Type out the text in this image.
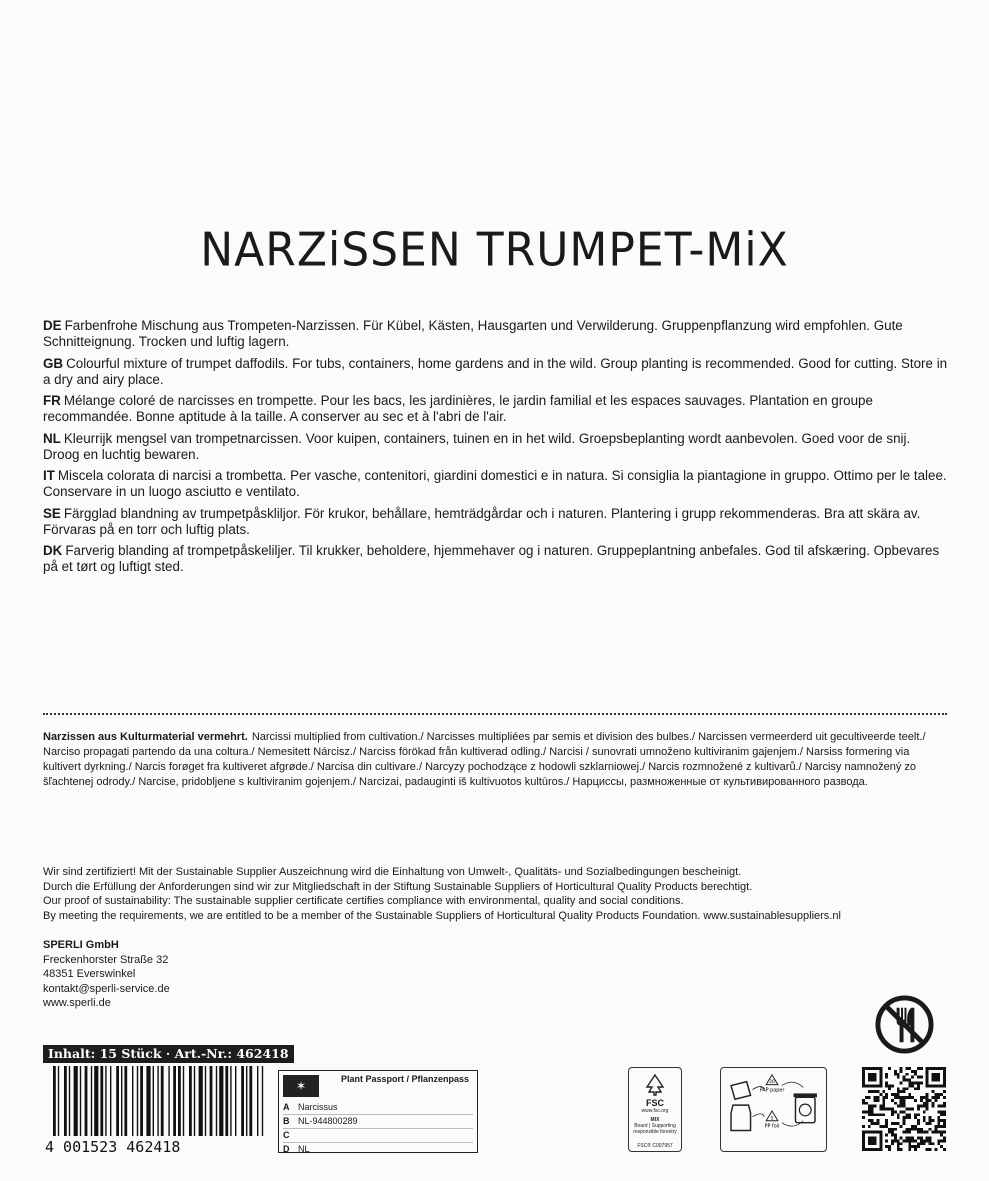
NARZiSSEN TRUMPET-MiX

DE Farbenfrohe Mischung aus Trompeten-Narzissen. Für Kübel, Kästen, Hausgarten und Verwilderung. Gruppenpflanzung wird empfohlen. Gute Schnitteignung. Trocken und luftig lagern.

GB Colourful mixture of trumpet daffodils. For tubs, containers, home gardens and in the wild. Group planting is recommended. Good for cutting. Store in a dry and airy place.

FR Mélange coloré de narcisses en trompette. Pour les bacs, les jardinières, le jardin familial et les espaces sauvages. Plantation en groupe recommandée. Bonne aptitude à la taille. A conserver au sec et à l'abri de l'air.

NL Kleurrijk mengsel van trompetnarcissen. Voor kuipen, containers, tuinen en in het wild. Groepsbeplanting wordt aanbevolen. Goed voor de snij. Droog en luchtig bewaren.

IT Miscela colorata di narcisi a trombetta. Per vasche, contenitori, giardini domestici e in natura. Si consiglia la piantagione in gruppo. Ottimo per le talee. Conservare in un luogo asciutto e ventilato.

SE Färgglad blandning av trumpetpåskliljor. För krukor, behållare, hemträdgårdar och i naturen. Plantering i grupp rekommenderas. Bra att skära av. Förvaras på en torr och luftig plats.

DK Farverig blanding af trompetpåskeliljer. Til krukker, beholdere, hjemmehaver og i naturen. Gruppeplantning anbefales. God til afskæring. Opbevares på et tørt og luftigt sted.

Narzissen aus Kulturmaterial vermehrt. Narcissi multiplied from cultivation./ Narcisses multipliées par semis et division des bulbes./ Narcissen vermeerderd uit gecultiveerde teelt./ Narciso propagati partendo da una coltura./ Nemesitett Nárcisz./ Narciss förökad från kultiverad odling./ Narcisi / sunovrati umnoženo kultiviranim gajenjem./ Narsiss formering via kultivert dyrkning./ Narcis forøget fra kultiveret afgrøde./ Narcisa din cultivare./ Narcyzy pochodzące z hodowli szklarniowej./ Narcis rozmnožené z kultivarů./ Narcisy namnožený zo šľachtenej odrody./ Narcise, pridobljene s kultiviranim gojenjem./ Narcizai, padauginti iš kultivuotos kultūros./ Нарциссы, размноженные от культивированного развода.
Wir sind zertifiziert! Mit der Sustainable Supplier Auszeichnung wird die Einhaltung von Umwelt-, Qualitäts- und Sozialbedingungen bescheinigt.
Durch die Erfüllung der Anforderungen sind wir zur Mitgliedschaft in der Stiftung Sustainable Suppliers of Horticultural Quality Products berechtigt.
Our proof of sustainability: The sustainable supplier certificate certifies compliance with environmental, quality and social conditions.
By meeting the requirements, we are entitled to be a member of the Sustainable Suppliers of Horticultural Quality Products Foundation. www.sustainablesuppliers.nl
SPERLI GmbH
Freckenhorster Straße 32
48351 Everswinkel
kontakt@sperli-service.de
www.sperli.de
Inhalt: 15 Stück · Art.-Nr.: 462418
4 001523 462418
✶	Plant Passport / Pflanzenpass
A Narcissus
B NL-944800289
C
D NL
FSC
www.fsc.org
MIX
Board | Supporting responsible forestry
FSC® C007957
20
PAP paper
5
PP foil
